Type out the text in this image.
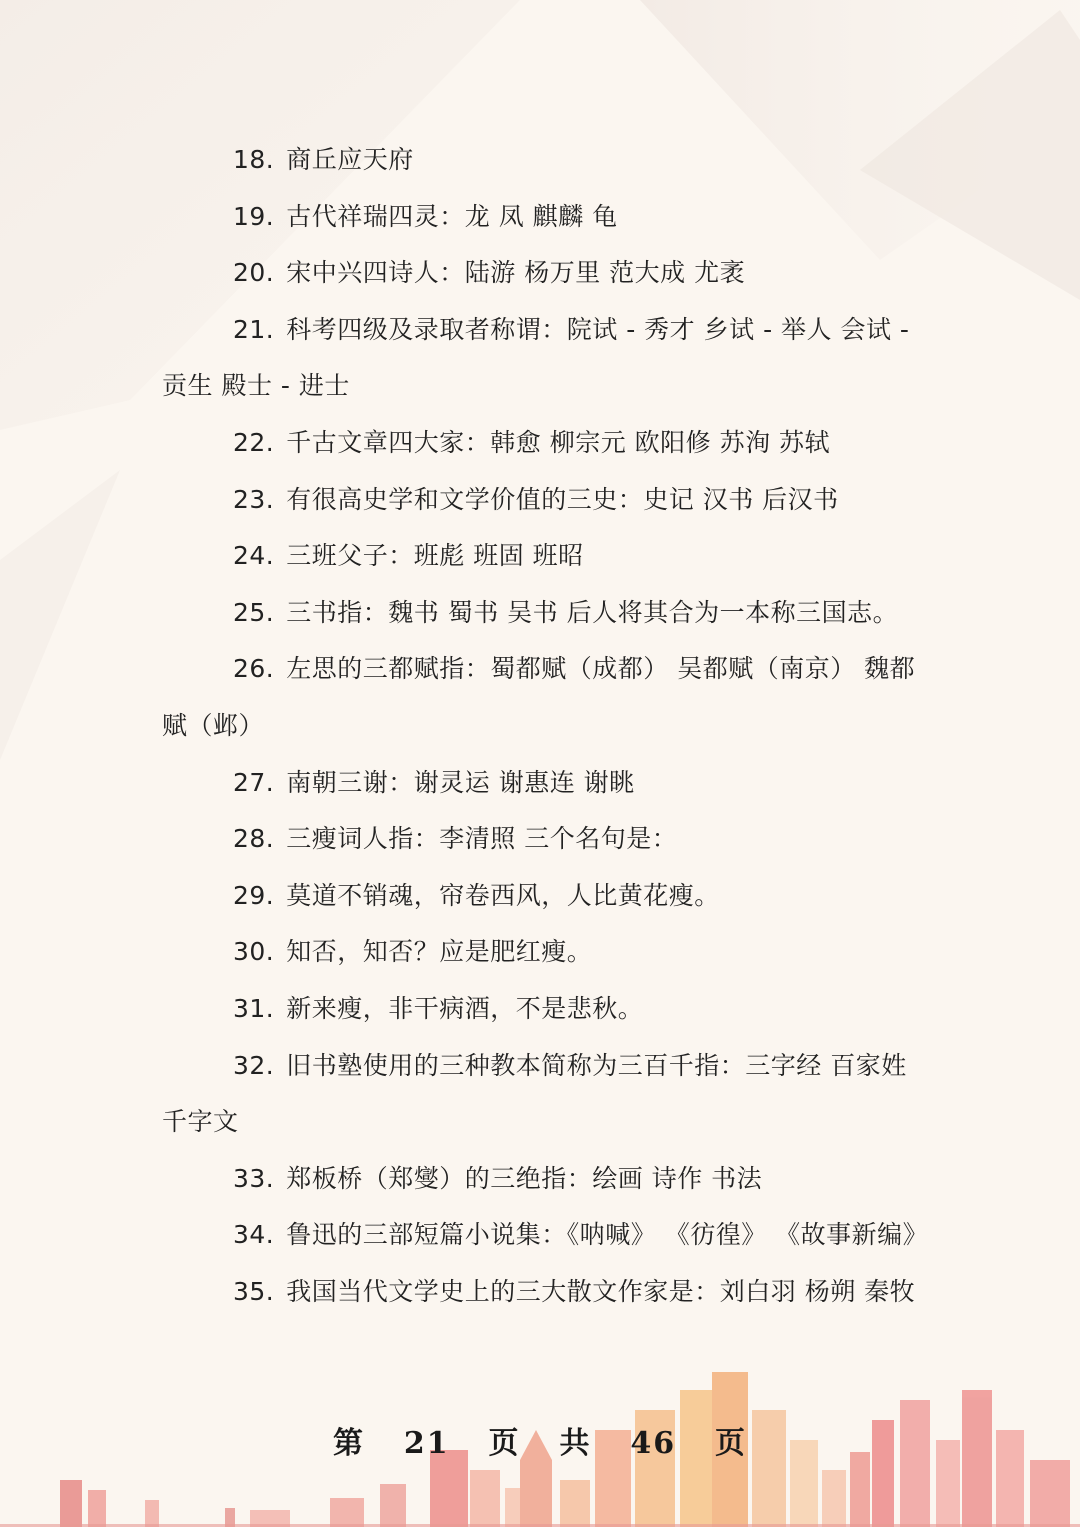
18. 商丘应天府
19. 古代祥瑞四灵：龙 凤 麒麟 龟
20. 宋中兴四诗人：陆游 杨万里 范大成 尤袤
21. 科考四级及录取者称谓：院试 - 秀才 乡试 - 举人 会试 -
贡生 殿士 - 进士
22. 千古文章四大家：韩愈 柳宗元 欧阳修 苏洵 苏轼
23. 有很高史学和文学价值的三史：史记 汉书 后汉书
24. 三班父子：班彪 班固 班昭
25. 三书指：魏书 蜀书 吴书 后人将其合为一本称三国志。
26. 左思的三都赋指：蜀都赋（成都） 吴都赋（南京） 魏都
赋（邺）
27. 南朝三谢：谢灵运 谢惠连 谢眺
28. 三瘦词人指：李清照 三个名句是：
29. 莫道不销魂，帘卷西风，人比黄花瘦。
30. 知否，知否？应是肥红瘦。
31. 新来瘦，非干病酒，不是悲秋。
32. 旧书塾使用的三种教本简称为三百千指：三字经 百家姓
千字文
33. 郑板桥（郑燮）的三绝指：绘画 诗作 书法
34. 鲁迅的三部短篇小说集：《呐喊》 《彷徨》 《故事新编》
35. 我国当代文学史上的三大散文作家是：刘白羽 杨朔 秦牧
第 21 页 共 46 页
